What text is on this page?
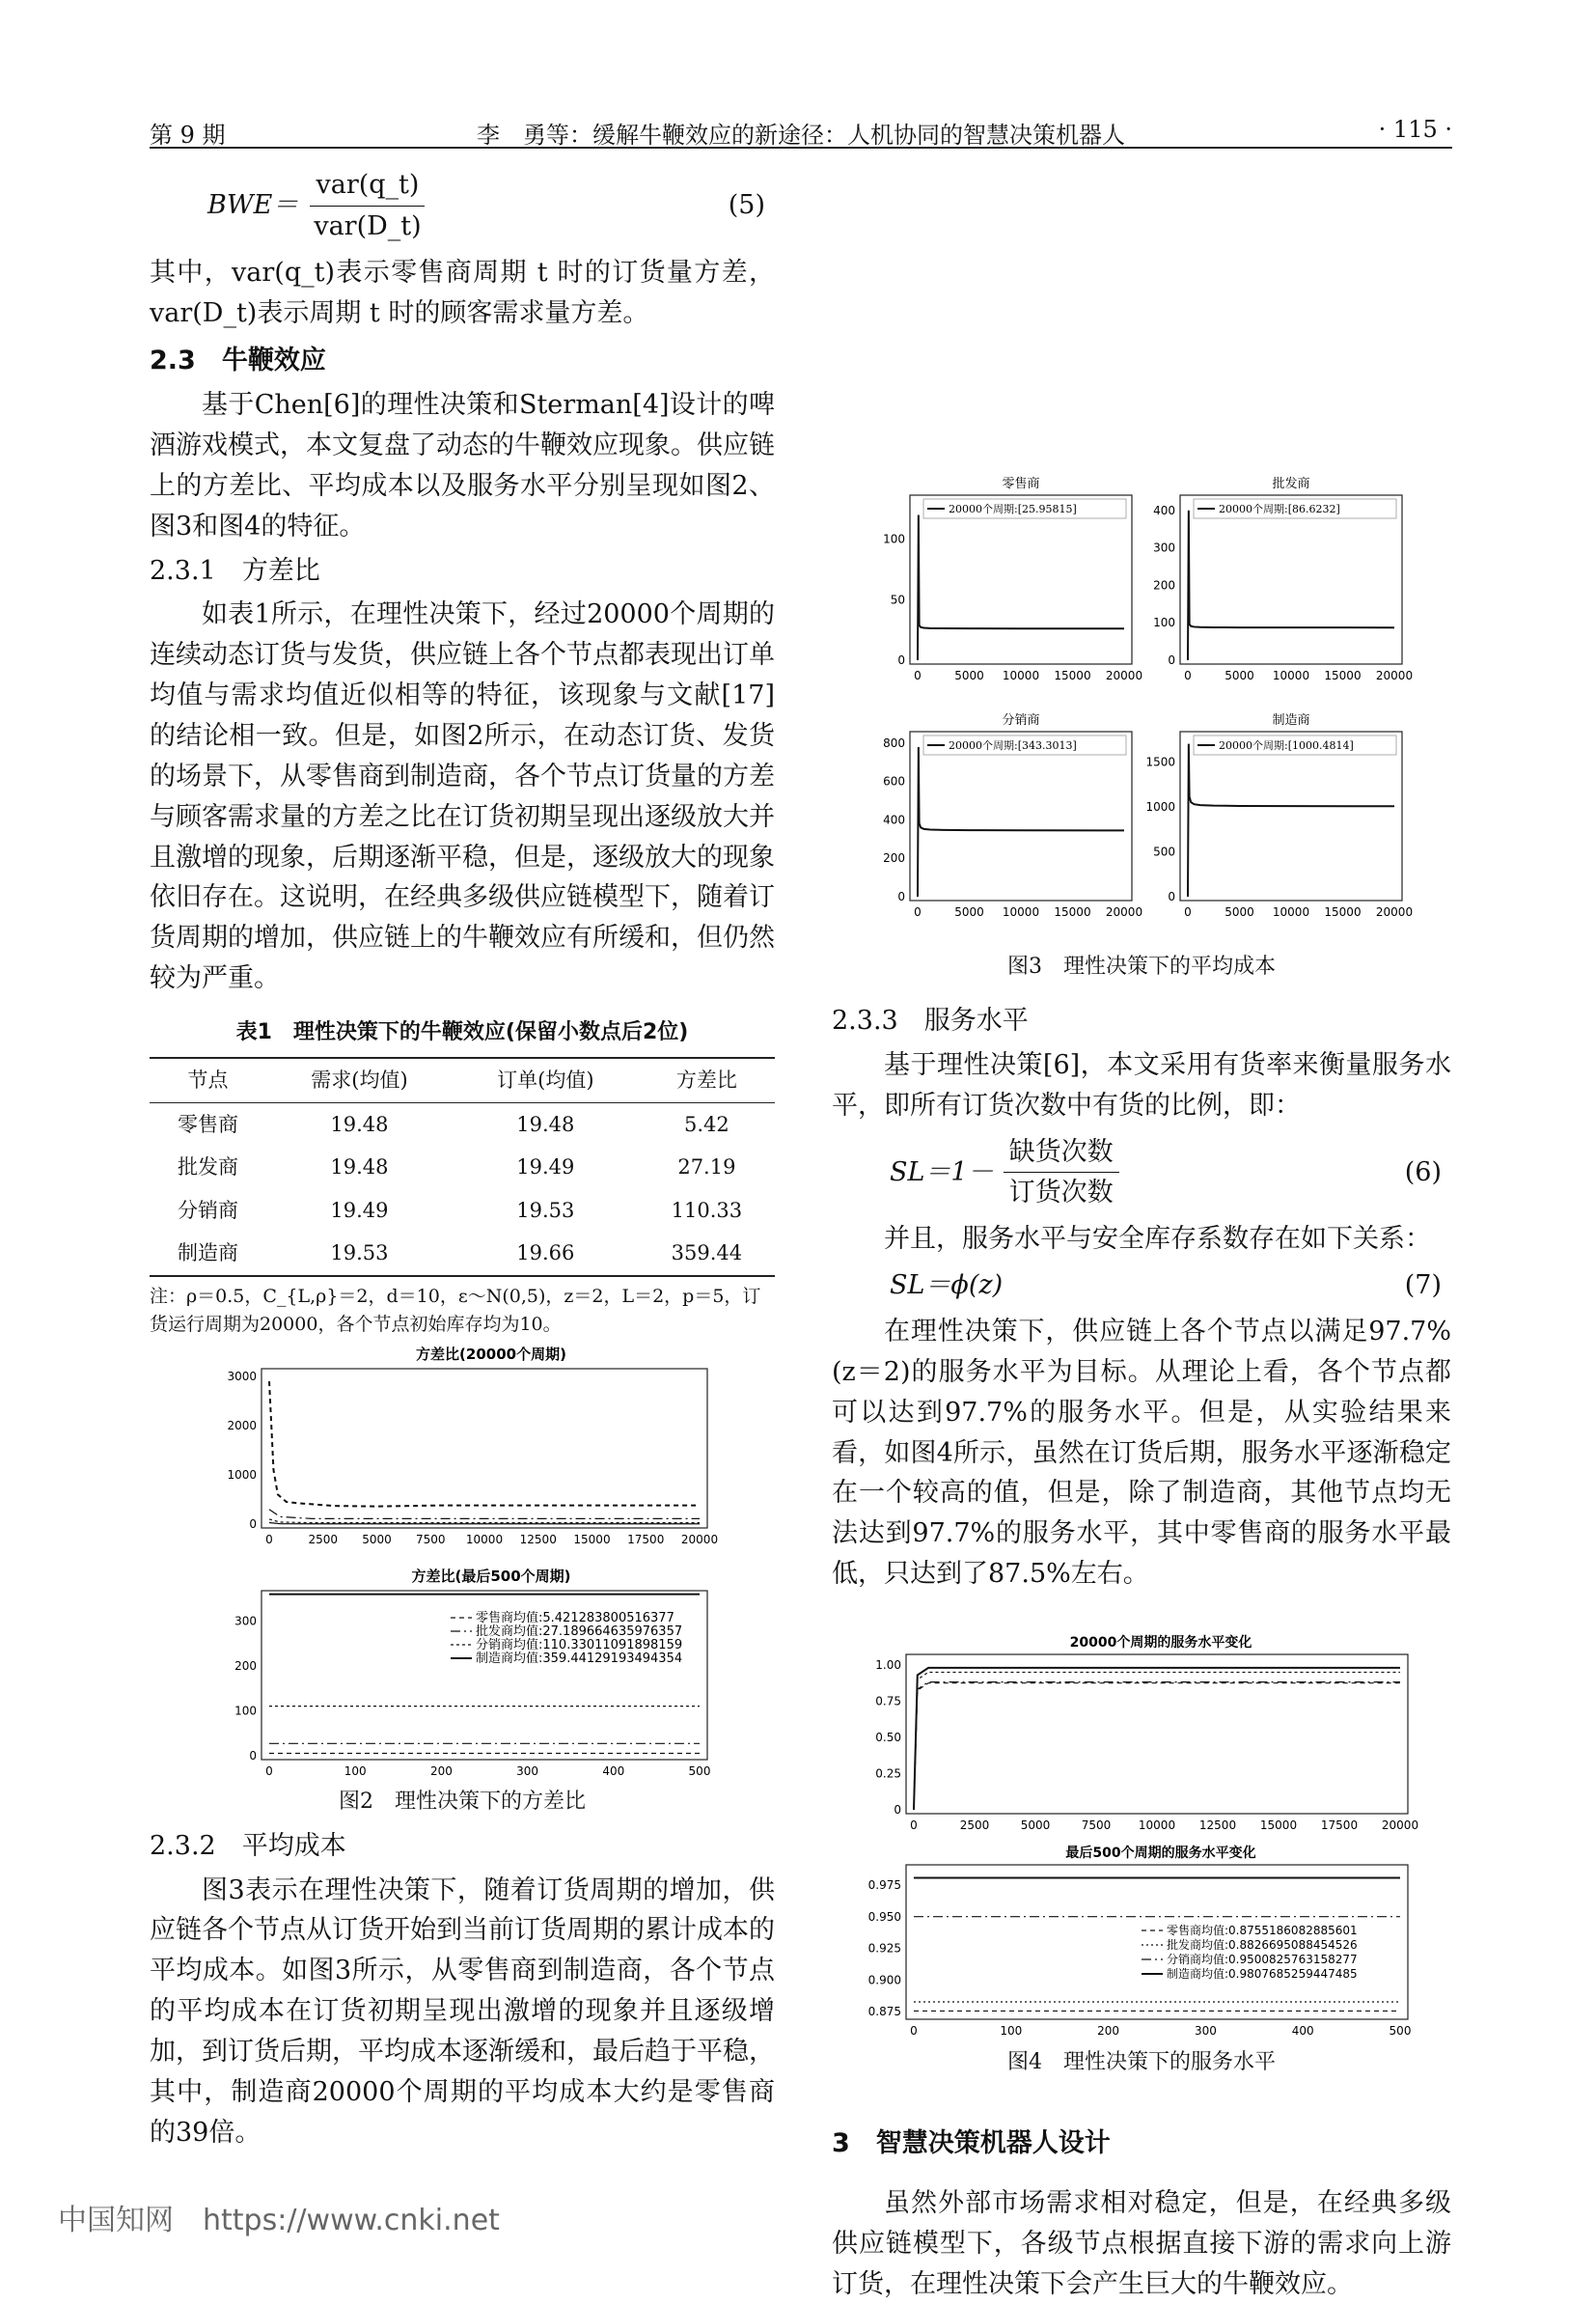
第 9 期	李　勇等：缓解牛鞭效应的新途径：人机协同的智慧决策机器人	· 115 ·
$BWE= \frac{\text{var(q\_t)}}{\text{var(D\_t)}}$	(5)

其中，var(q_t)表示零售商周期 t 时的订货量方差，var(D_t)表示周期 t 时的顾客需求量方差。

2.3　牛鞭效应

基于Chen[6]的理性决策和Sterman[4]设计的啤酒游戏模式，本文复盘了动态的牛鞭效应现象。供应链上的方差比、平均成本以及服务水平分别呈现如图2、图3和图4的特征。

2.3.1　方差比

如表1所示，在理性决策下，经过20000个周期的连续动态订货与发货，供应链上各个节点都表现出订单均值与需求均值近似相等的特征，该现象与文献[17]的结论相一致。但是，如图2所示，在动态订货、发货的场景下，从零售商到制造商，各个节点订货量的方差与顾客需求量的方差之比在订货初期呈现出逐级放大并且激增的现象，后期逐渐平稳，但是，逐级放大的现象依旧存在。这说明，在经典多级供应链模型下，随着订货周期的增加，供应链上的牛鞭效应有所缓和，但仍然较为严重。

表1　理性决策下的牛鞭效应(保留小数点后2位)
节点	需求(均值)	订单(均值)	方差比
零售商	19.48	19.48	5.42
批发商	19.48	19.49	27.19
分销商	19.49	19.53	110.33
制造商	19.53	19.66	359.44
注：ρ＝0.5，C_{L,ρ}＝2，d＝10，ε～N(0,5)，z＝2，L＝2，p＝5，订货运行周期为20000，各个节点初始库存均为10。
方差比(20000个周期)
0	2500 5000 7500 10000 12500 15000 17500 20000
0
1000
2000
3000
方差比(最后500个周期)
0	100	200	300	400	500
0
100
200
300	零售商均值:5.421283800516377
批发商均值:27.189664635976357
分销商均值:110.33011091898159
制造商均值:359.44129193494354
图2　理性决策下的方差比
2.3.2　平均成本

图3表示在理性决策下，随着订货周期的增加，供应链各个节点从订货开始到当前订货周期的累计成本的平均成本。如图3所示，从零售商到制造商，各个节点的平均成本在订货初期呈现出激增的现象并且逐级增加，到订货后期，平均成本逐渐缓和，最后趋于平稳，其中，制造商20000个周期的平均成本大约是零售商的39倍。

零售商
0	5000 10000 15000 20000
0
50
100
20000个周期:[25.95815]
批发商
0	5000 10000 15000 20000
0
100
200
300
400	20000个周期:[86.6232]
分销商
0	5000 10000 15000 20000
0
200
400
600
800	20000个周期:[343.3013]
制造商
0	5000 10000 15000 20000
0
500
1000
1500
20000个周期:[1000.4814]
图3　理性决策下的平均成本
2.3.3　服务水平

基于理性决策[6]，本文采用有货率来衡量服务水平，即所有订货次数中有货的比例，即：

$SL=1- \frac{\text{缺货次数}}{\text{订货次数}}$	(6)

并且，服务水平与安全库存系数存在如下关系：

SL＝ϕ(z)	(7)

在理性决策下，供应链上各个节点以满足97.7%(z＝2)的服务水平为目标。从理论上看，各个节点都可以达到97.7%的服务水平。但是，从实验结果来看，如图4所示，虽然在订货后期，服务水平逐渐稳定在一个较高的值，但是，除了制造商，其他节点均无法达到97.7%的服务水平，其中零售商的服务水平最低，只达到了87.5%左右。

20000个周期的服务水平变化
0	2500	5000	7500 10000 12500 15000 17500 20000
0
0.25
0.50
0.75
1.00
最后500个周期的服务水平变化
0	100	200	300	400	500
0.875
0.900
0.925
0.950
0.975
零售商均值:0.8755186082885601
批发商均值:0.8826695088454526
分销商均值:0.9500825763158277
制造商均值:0.9807685259447485
图4　理性决策下的服务水平
3　智慧决策机器人设计

虽然外部市场需求相对稳定，但是，在经典多级供应链模型下，各级节点根据直接下游的需求向上游订货，在理性决策下会产生巨大的牛鞭效应。

中国知网　https://www.cnki.net
